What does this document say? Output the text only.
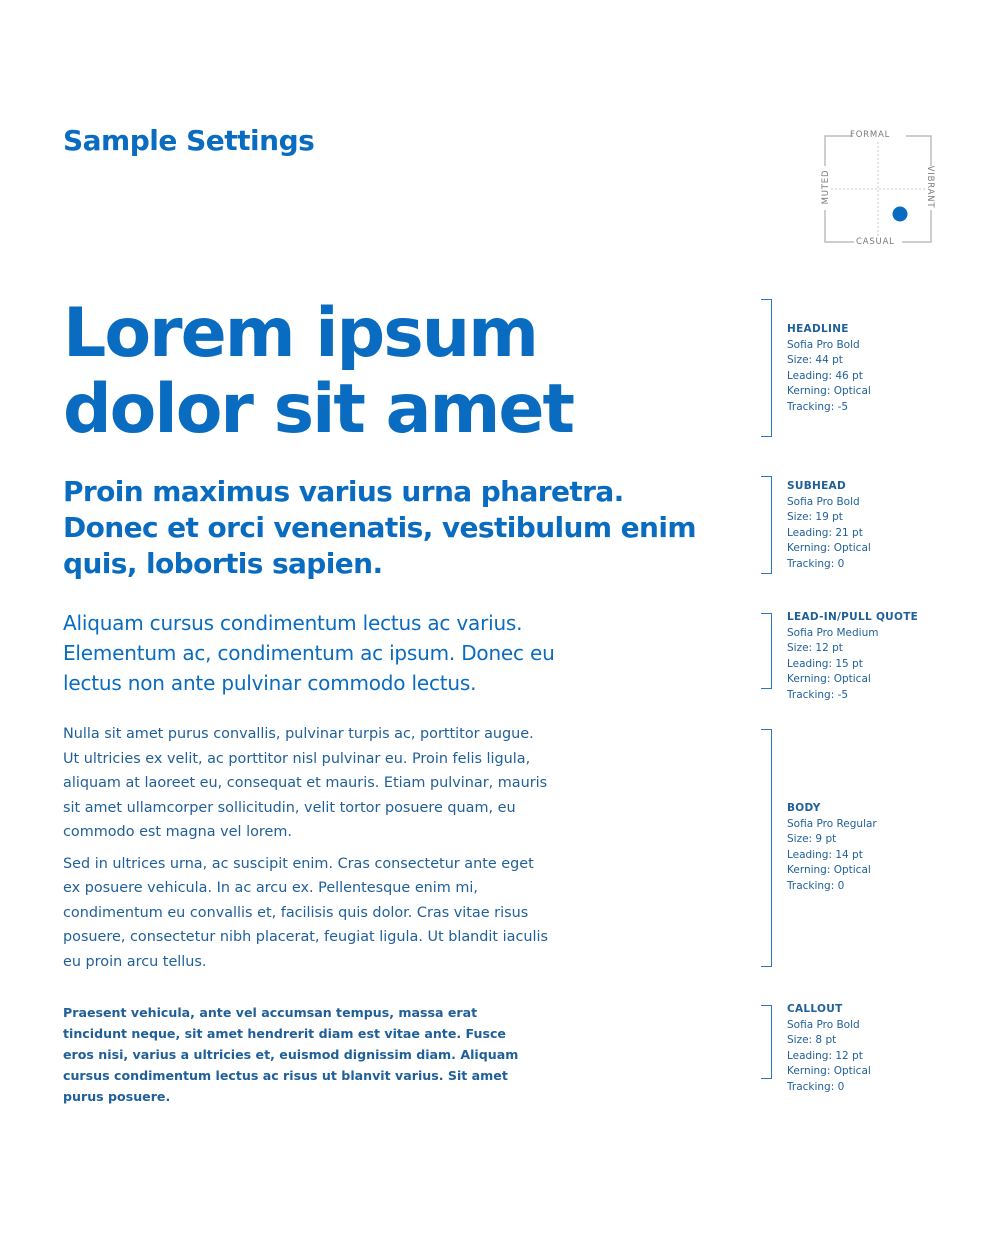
Sample Settings	FORMAL
CASUAL
MUTED	VIBRANT
Lorem ipsum dolor sit amet
Proin maximus varius urna pharetra. Donec et orci venenatis, vestibulum enim quis, lobortis sapien.
Aliquam cursus condimentum lectus ac varius. Elementum ac, condimentum ac ipsum. Donec eu lectus non ante pulvinar commodo lectus.

Nulla sit amet purus convallis, pulvinar turpis ac, porttitor augue. Ut ultricies ex velit, ac porttitor nisl pulvinar eu. Proin felis ligula, aliquam at laoreet eu, consequat et mauris. Etiam pulvinar, mauris sit amet ullamcorper sollicitudin, velit tortor posuere quam, eu commodo est magna vel lorem.

Sed in ultrices urna, ac suscipit enim. Cras consectetur ante eget ex posuere vehicula. In ac arcu ex. Pellentesque enim mi, condimentum eu convallis et, facilisis quis dolor. Cras vitae risus posuere, consectetur nibh placerat, feugiat ligula. Ut blandit iaculis eu proin arcu tellus.

Praesent vehicula, ante vel accumsan tempus, massa erat tincidunt neque, sit amet hendrerit diam est vitae ante. Fusce eros nisi, varius a ultricies et, euismod dignissim diam. Aliquam cursus condimentum lectus ac risus ut blanvit varius. Sit amet purus posuere.
HEADLINE
Sofia Pro Bold
Size: 44 pt
Leading: 46 pt
Kerning: Optical
Tracking: -5
SUBHEAD
Sofia Pro Bold
Size: 19 pt
Leading: 21 pt
Kerning: Optical
Tracking: 0
LEAD-IN/PULL QUOTE
Sofia Pro Medium
Size: 12 pt
Leading: 15 pt
Kerning: Optical
Tracking: -5
BODY
Sofia Pro Regular
Size: 9 pt
Leading: 14 pt
Kerning: Optical
Tracking: 0
CALLOUT
Sofia Pro Bold
Size: 8 pt
Leading: 12 pt
Kerning: Optical
Tracking: 0
